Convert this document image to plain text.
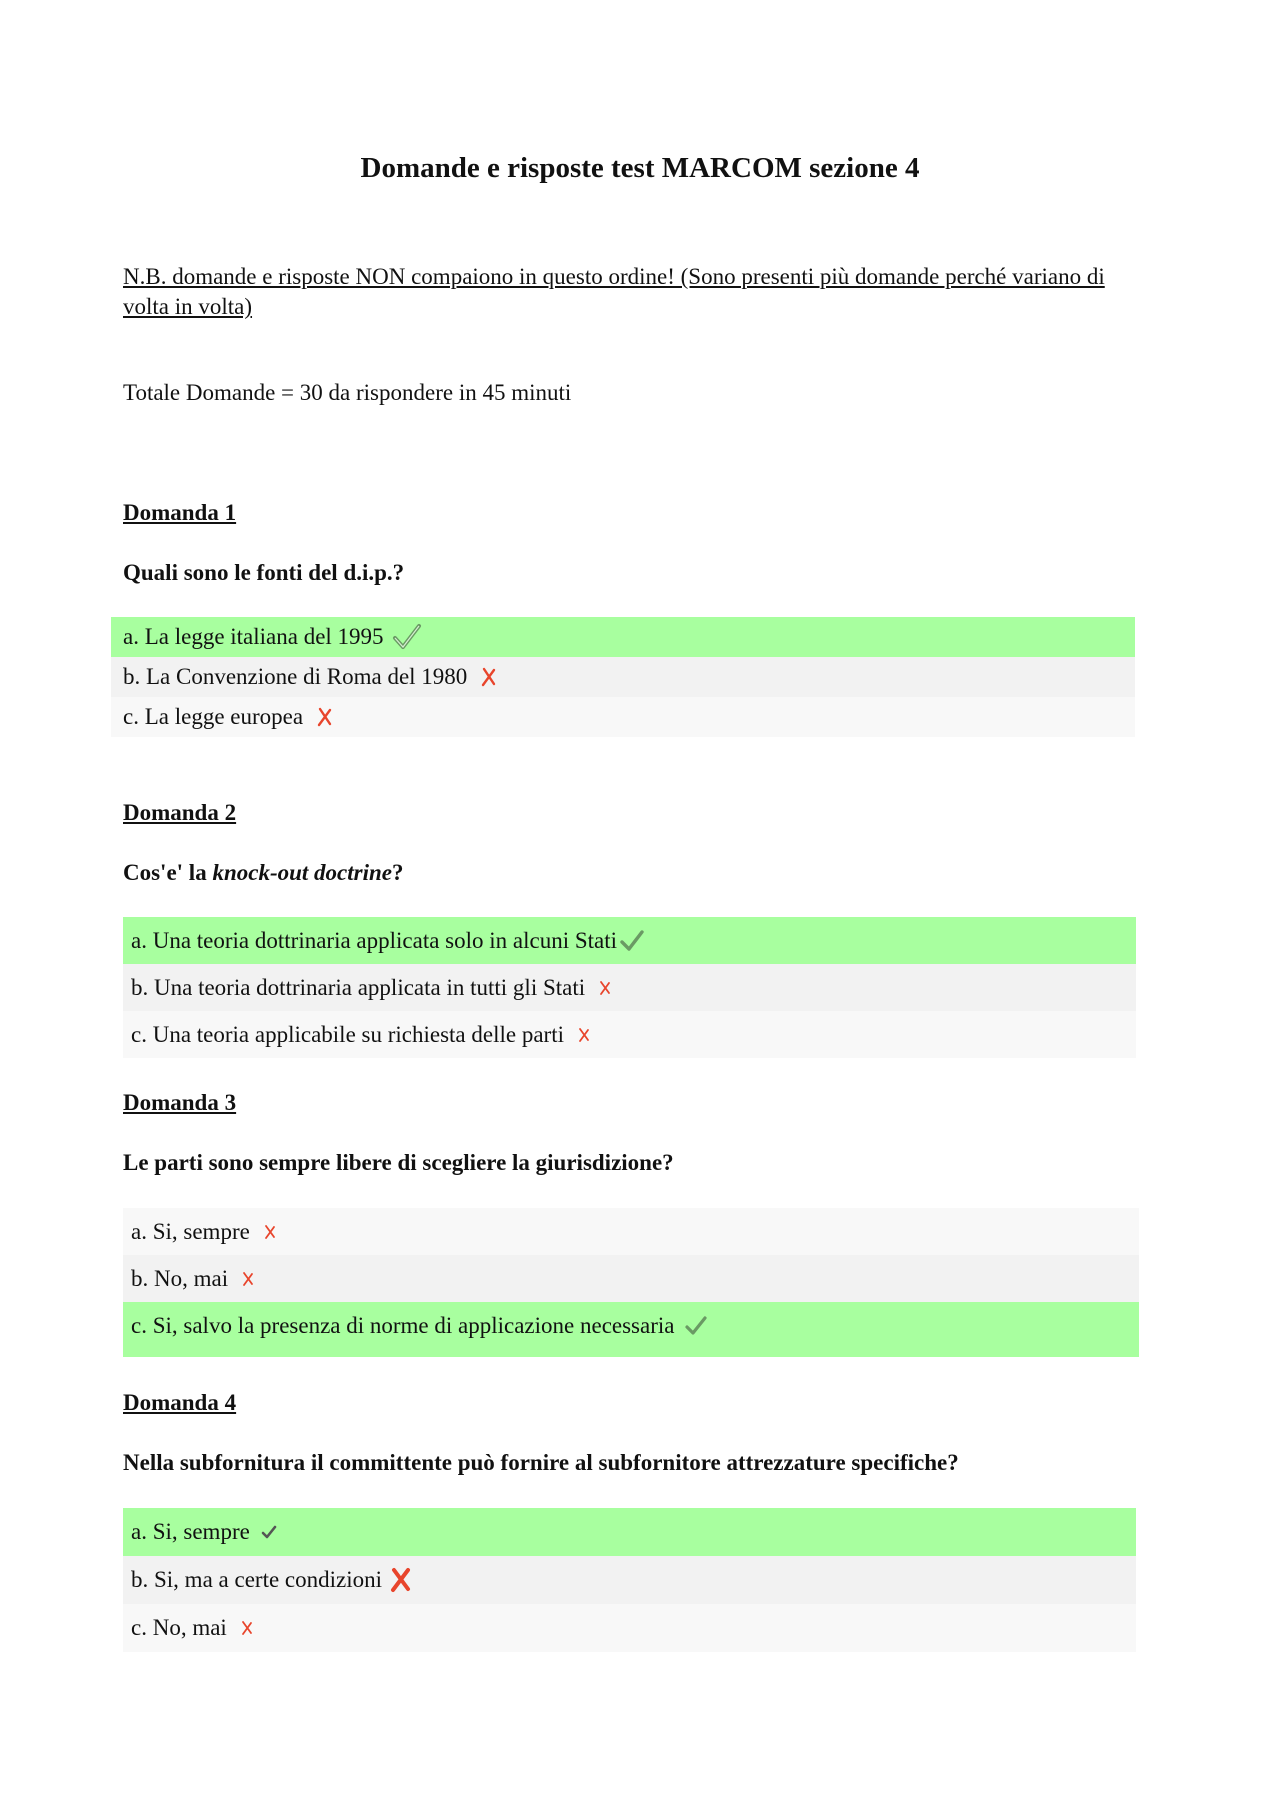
Domande e risposte test MARCOM sezione 4

N.B. domande e risposte NON compaiono in questo ordine! (Sono presenti più domande perché variano di volta in volta)

Totale Domande = 30 da rispondere in 45 minuti

Domanda 1

Quali sono le fonti del d.i.p.?

a. La legge italiana del 1995
b. La Convenzione di Roma del 1980
c. La legge europea

Domanda 2

Cos'e' la knock-out doctrine?

a. Una teoria dottrinaria applicata solo in alcuni Stati
b. Una teoria dottrinaria applicata in tutti gli Stati
c. Una teoria applicabile su richiesta delle parti

Domanda 3

Le parti sono sempre libere di scegliere la giurisdizione?

a. Si, sempre
b. No, mai
c. Si, salvo la presenza di norme di applicazione necessaria

Domanda 4

Nella subfornitura il committente può fornire al subfornitore attrezzature specifiche?

a. Si, sempre
b. Si, ma a certe condizioni
c. No, mai
